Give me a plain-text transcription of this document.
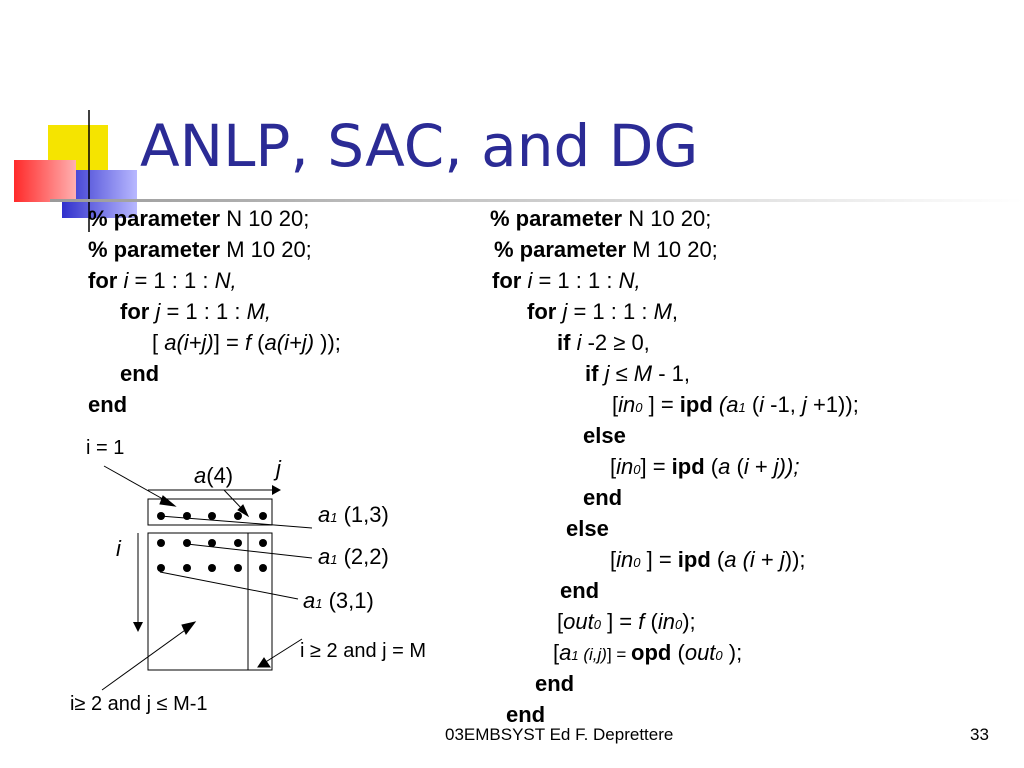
ANLP, SAC, and DG
% parameter N 10 20;
% parameter M 10 20;
for i = 1 : 1 : N,
for j = 1 : 1 : M,
[ a(i+j)] = f (a(i+j) ));
end
end
% parameter N 10 20;
% parameter M 10 20;
for i = 1 : 1 : N,
for j = 1 : 1 : M,
if i -2 ≥ 0,
if j ≤ M - 1,
[in0 ] = ipd (a1 (i -1, j +1));
else
[in0] = ipd (a (i + j));
end
else
[in0 ] = ipd (a (i + j));
end
[out0 ] = f (in0);
[a1 (i,j)] = opd (out0 );
end
end
i = 1
a(4) j
i
a1 (1,3)
a1 (2,2)
a1 (3,1)
i ≥ 2 and j = M
i≥ 2 and j ≤ M-1
03EMBSYST Ed F. Deprettere	33
